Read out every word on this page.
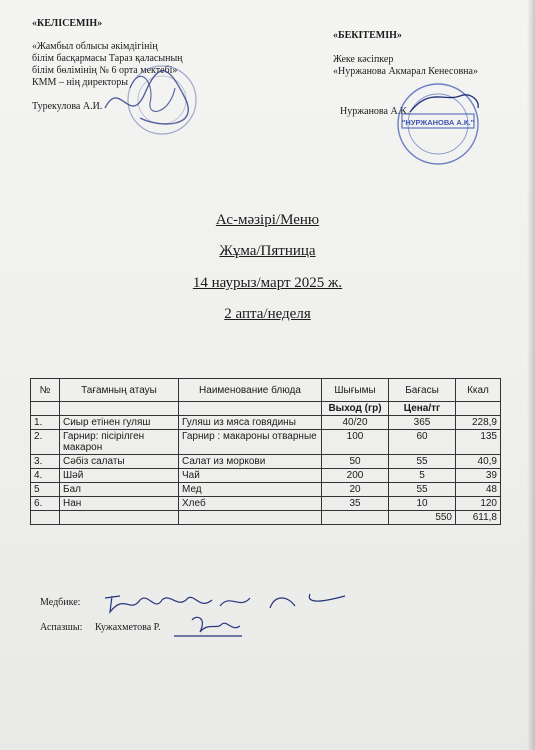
«КЕЛІСЕМІН»
«Жамбыл облысы әкімдігінің
білім басқармасы Тараз қаласының
білім бөлімінің № 6 орта мектебі»
КММ – нің директоры
Турекулова А.И.
«БЕКІТЕМІН»
Жеке кәсіпкер
«Нуржанова Акмарал Кенесовна»
Нуржанова А.К.
"НУРЖАНОВА А.К."
Ас-мәзірі/Меню
Жұма/Пятница
14 наурыз/март 2025 ж.
2 апта/неделя
№	Тағамның атауы	Наименование блюда	Шығымы	Бағасы	Ккал
			Выход (гр)	Цена/тг	
1.	Сиыр етінен гуляш	Гуляш из мяса говядины	40/20	365	228,9
2.	Гарнир: пісірілген макарон	Гарнир : макароны отварные	100	60	135
3.	Сәбіз салаты	Салат из моркови	50	55	40,9
4.	Шәй	Чай	200	5	39
5	Бал	Мед	20	55	48
6.	Нан	Хлеб	35	10	120
				550	611,8
Медбике:
Аспазшы: Кужахметова Р.
